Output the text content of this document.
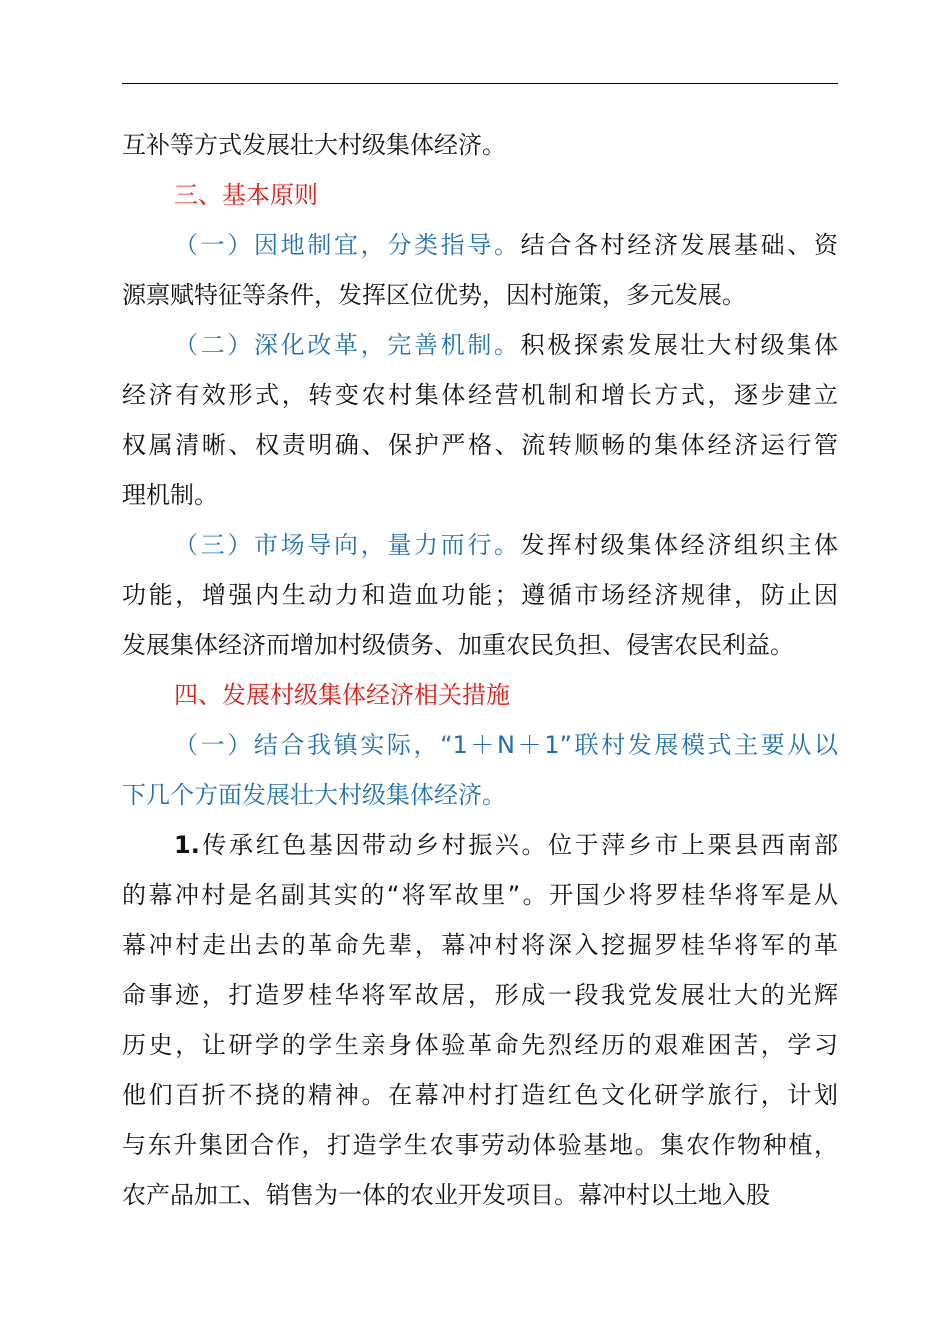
互补等方式发展壮大村级集体经济。
三、基本原则
（一）因地制宜，分类指导。结合各村经济发展基础、资
源禀赋特征等条件，发挥区位优势，因村施策，多元发展。
（二）深化改革，完善机制。积极探索发展壮大村级集体
经济有效形式，转变农村集体经营机制和增长方式，逐步建立
权属清晰、权责明确、保护严格、流转顺畅的集体经济运行管
理机制。
（三）市场导向，量力而行。发挥村级集体经济组织主体
功能，增强内生动力和造血功能；遵循市场经济规律，防止因
发展集体经济而增加村级债务、加重农民负担、侵害农民利益。
四、发展村级集体经济相关措施
（一）结合我镇实际，“1＋N＋1”联村发展模式主要从以
下几个方面发展壮大村级集体经济。
1.传承红色基因带动乡村振兴。位于萍乡市上栗县西南部
的幕冲村是名副其实的“将军故里”。开国少将罗桂华将军是从
幕冲村走出去的革命先辈，幕冲村将深入挖掘罗桂华将军的革
命事迹，打造罗桂华将军故居，形成一段我党发展壮大的光辉
历史，让研学的学生亲身体验革命先烈经历的艰难困苦，学习
他们百折不挠的精神。在幕冲村打造红色文化研学旅行，计划
与东升集团合作，打造学生农事劳动体验基地。集农作物种植，
农产品加工、销售为一体的农业开发项目。幕冲村以土地入股
